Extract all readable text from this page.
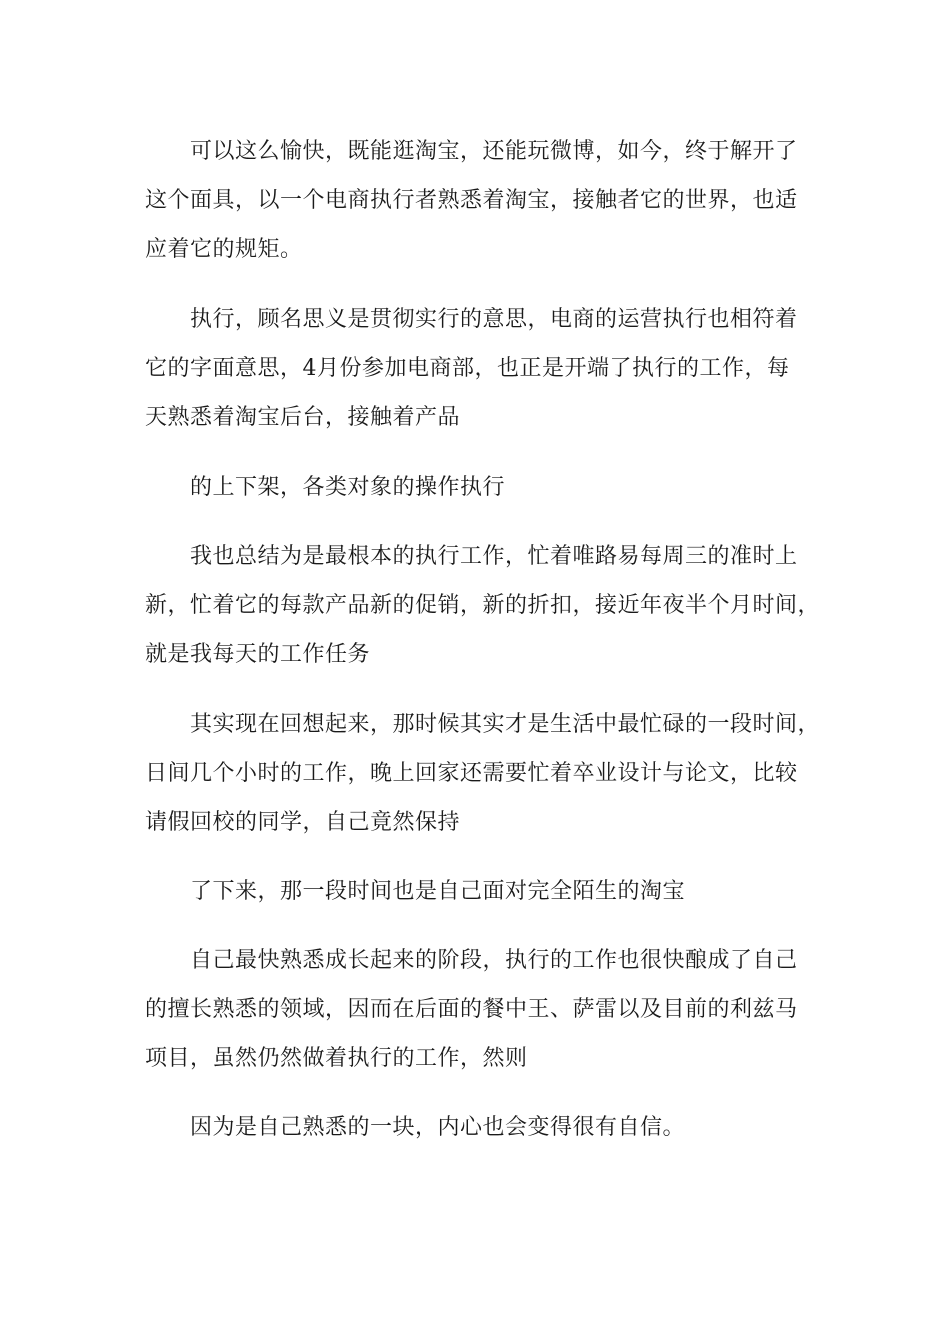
可以这么愉快，既能逛淘宝，还能玩微博，如今，终于解开了
这个面具，以一个电商执行者熟悉着淘宝，接触者它的世界，也适
应着它的规矩。
执行，顾名思义是贯彻实行的意思，电商的运营执行也相符着
它的字面意思，4月份参加电商部，也正是开端了执行的工作，每
天熟悉着淘宝后台，接触着产品
的上下架，各类对象的操作执行
我也总结为是最根本的执行工作，忙着唯路易每周三的准时上
新，忙着它的每款产品新的促销，新的折扣，接近年夜半个月时间，
就是我每天的工作任务
其实现在回想起来，那时候其实才是生活中最忙碌的一段时间，
日间几个小时的工作，晚上回家还需要忙着卒业设计与论文，比较
请假回校的同学，自己竟然保持
了下来，那一段时间也是自己面对完全陌生的淘宝
自己最快熟悉成长起来的阶段，执行的工作也很快酿成了自己
的擅长熟悉的领域，因而在后面的餐中王、萨雷以及目前的利兹马
项目，虽然仍然做着执行的工作，然则
因为是自己熟悉的一块，内心也会变得很有自信。
